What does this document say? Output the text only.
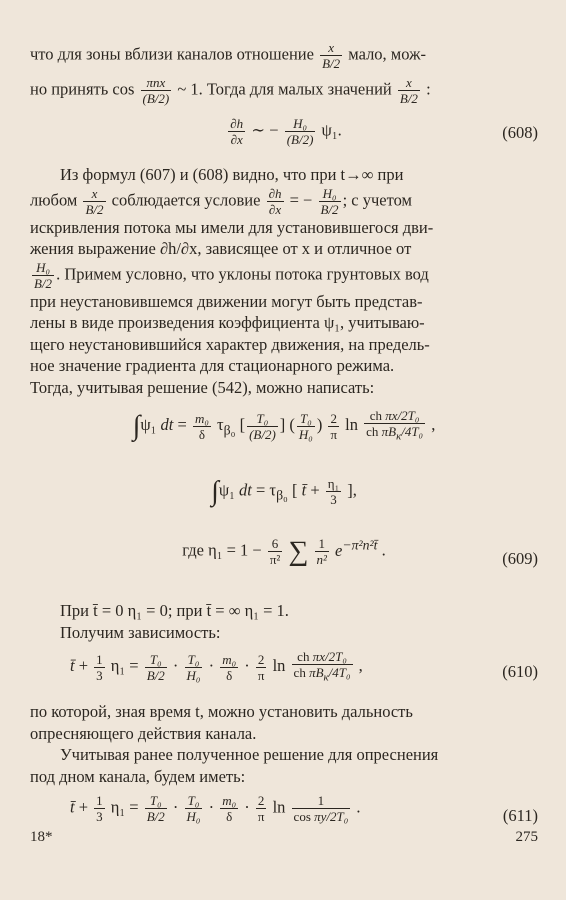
что для зоны вблизи каналов отношение $\frac{x}{B/2}$ мало, мож-
но принять $\cos \frac{\text{πnx}}{(B/2)}$ ~ 1. Тогда для малых значений $\frac{x}{B/2}$ :

$\frac{\partial h}{\partial x}$ ∼ − $\frac{\text{H₀}}{(B/2)} \psi_1$.	(608)

Из формул (607) и (608) видно, что при t→∞ при
любом $\frac{x}{B/2}$ соблюдается условие $\frac{\partial h}{\partial x}$ = − $\frac{\text{H₀}}{B/2}$ ; с учетом
искривления потока мы имели для установившегося дви-
жения выражение ∂h/∂x, зависящее от x и отличное от
$\frac{\text{H₀}}{B/2}$ . Примем условно, что уклоны потока грунтовых вод
при неустановившемся движении могут быть представ-
лены в виде произведения коэффициента ψ₁, учитываю-
щего неустановившийся характер движения, на предель-
ное значение градиента для стационарного режима.
Тогда, учитывая решение (542), можно написать:

∫ψ₁ dt = $\frac{\text{m₀}}{\delta} \tau_{\beta_0}$ [ $\frac{\text{T₀}}{(B/2)}$ ] ( $\frac{\text{T₀}}{\text{H₀}}$ ) $\frac{2}{\pi}$ $\ln \frac{\text{ch πx/2T₀}}{ch \pi B_к/4T_0}$ ,
∫ψ₁ dt = $\tau_{\beta_0}$ [ t̄ + $\frac{\text{η₁}}{3}$ ],
где $\eta_1 = 1 - \frac{6}{\text{π²}}$ ∑ $\frac{1}{\text{n²}} e^{-\pi^2n^2t̄}$ .	(609)

При t̄ = 0 η₁ = 0; при t̄ = ∞ η₁ = 1.

Получим зависимость:

t̄ + $\frac{1}{3} \eta_1 = \frac{\text{T₀}}{B/2} \cdot \frac{\text{T₀}}{\text{H₀}} \cdot \frac{\text{m₀}}{\delta} \cdot \frac{2}{\pi}$ $\ln \frac{\text{ch πx/2T₀}}{ch \pi B_к/4T_0}$ ,	(610)

по которой, зная время t, можно установить дальность
опресняющего действия канала.
Учитывая ранее полученное решение для опреснения
под дном канала, будем иметь:

t̄ + $\frac{1}{3} \eta_1 = \frac{\text{T₀}}{B/2} \cdot \frac{\text{T₀}}{\text{H₀}} \cdot \frac{\text{m₀}}{\delta} \cdot \frac{2}{\pi}$ $\ln \frac{1}{\text{cos πy/2T₀}}$ .	(611)
18*	275
